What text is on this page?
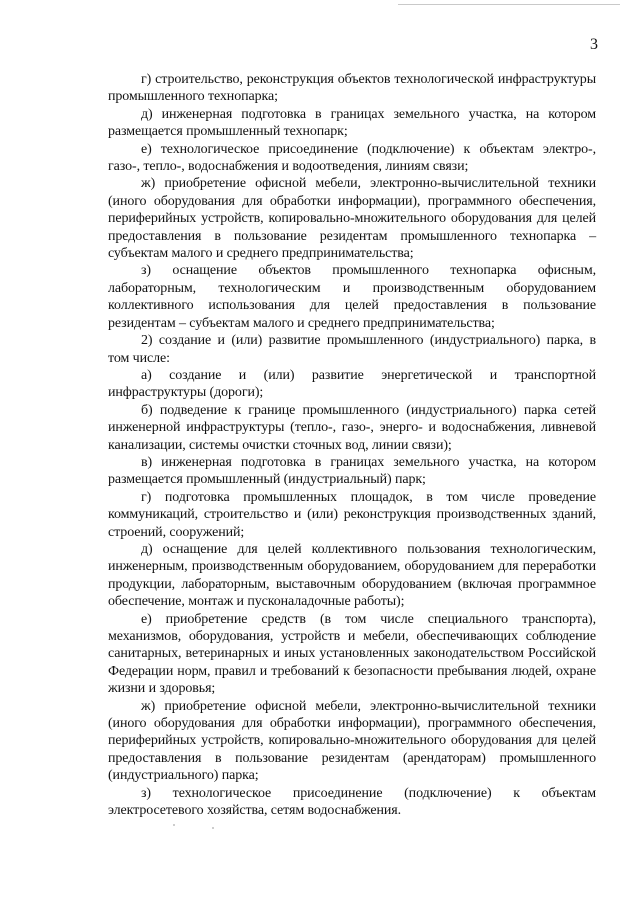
3

г) строительство, реконструкция объектов технологической инфраструктуры промышленного технопарка;

д) инженерная подготовка в границах земельного участка, на котором размещается промышленный технопарк;

е) технологическое присоединение (подключение) к объектам электро-, газо-, тепло-, водоснабжения и водоотведения, линиям связи;

ж) приобретение офисной мебели, электронно-вычислительной техники (иного оборудования для обработки информации), программного обеспечения, периферийных устройств, копировально-множительного оборудования для целей предоставления в пользование резидентам промышленного технопарка – субъектам малого и среднего предпринимательства;

з) оснащение объектов промышленного технопарка офисным, лабораторным, технологическим и производственным оборудованием коллективного использования для целей предоставления в пользование резидентам – субъектам малого и среднего предпринимательства;

2) создание и (или) развитие промышленного (индустриального) парка, в том числе:

а) создание и (или) развитие энергетической и транспортной инфраструктуры (дороги);

б) подведение к границе промышленного (индустриального) парка сетей инженерной инфраструктуры (тепло-, газо-, энерго- и водоснабжения, ливневой канализации, системы очистки сточных вод, линии связи);

в) инженерная подготовка в границах земельного участка, на котором размещается промышленный (индустриальный) парк;

г) подготовка промышленных площадок, в том числе проведение коммуникаций, строительство и (или) реконструкция производственных зданий, строений, сооружений;

д) оснащение для целей коллективного пользования технологическим, инженерным, производственным оборудованием, оборудованием для переработки продукции, лабораторным, выставочным оборудованием (включая программное обеспечение, монтаж и пусконаладочные работы);

е) приобретение средств (в том числе специального транспорта), механизмов, оборудования, устройств и мебели, обеспечивающих соблюдение санитарных, ветеринарных и иных установленных законодательством Российской Федерации норм, правил и требований к безопасности пребывания людей, охране жизни и здоровья;

ж) приобретение офисной мебели, электронно-вычислительной техники (иного оборудования для обработки информации), программного обеспечения, периферийных устройств, копировально-множительного оборудования для целей предоставления в пользование резидентам (арендаторам) промышленного (индустриального) парка;

з) технологическое присоединение (подключение) к объектам электросетевого хозяйства, сетям водоснабжения.
